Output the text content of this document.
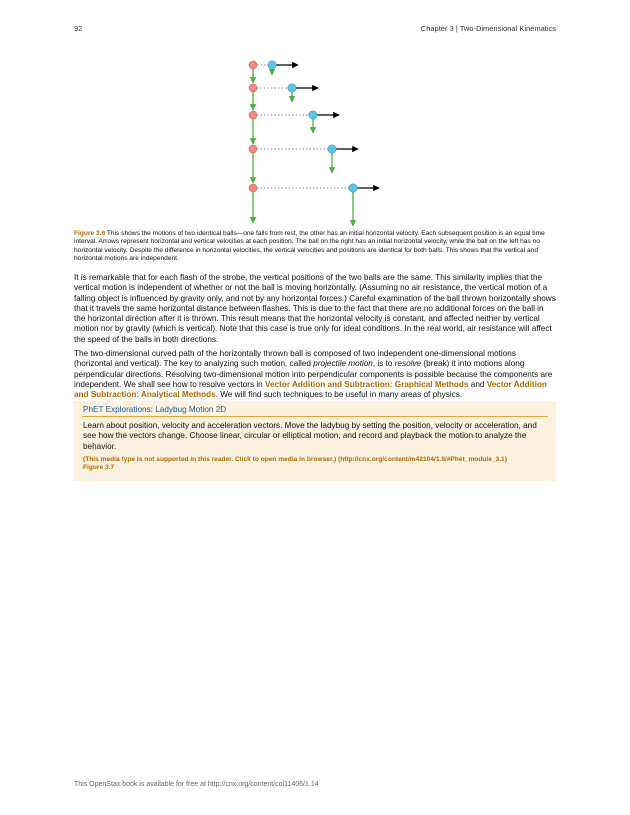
92	Chapter 3 | Two-Dimensional Kinematics
Figure 3.6 This shows the motions of two identical balls—one falls from rest, the other has an initial horizontal velocity. Each subsequent position is an equal time interval. Arrows represent horizontal and vertical velocities at each position. The ball on the right has an initial horizontal velocity, while the ball on the left has no horizontal velocity. Despite the difference in horizontal velocities, the vertical velocities and positions are identical for both balls. This shows that the vertical and horizontal motions are independent.

It is remarkable that for each flash of the strobe, the vertical positions of the two balls are the same. This similarity implies that the vertical motion is independent of whether or not the ball is moving horizontally. (Assuming no air resistance, the vertical motion of a falling object is influenced by gravity only, and not by any horizontal forces.) Careful examination of the ball thrown horizontally shows that it travels the same horizontal distance between flashes. This is due to the fact that there are no additional forces on the ball in the horizontal direction after it is thrown. This result means that the horizontal velocity is constant, and affected neither by vertical motion nor by gravity (which is vertical). Note that this case is true only for ideal conditions. In the real world, air resistance will affect the speed of the balls in both directions.

The two-dimensional curved path of the horizontally thrown ball is composed of two independent one-dimensional motions (horizontal and vertical). The key to analyzing such motion, called projectile motion, is to resolve (break) it into motions along perpendicular directions. Resolving two-dimensional motion into perpendicular components is possible because the components are independent. We shall see how to resolve vectors in Vector Addition and Subtraction: Graphical Methods and Vector Addition and Subtraction: Analytical Methods. We will find such techniques to be useful in many areas of physics.

PhET Explorations: Ladybug Motion 2D

Learn about position, velocity and acceleration vectors. Move the ladybug by setting the position, velocity or acceleration, and see how the vectors change. Choose linear, circular or elliptical motion, and record and playback the motion to analyze the behavior.

(This media type is not supported in this reader. Click to open media in browser.) (http://cnx.org/content/m42104/1.8/#Phet_module_3.1)
Figure 3.7
This OpenStax book is available for free at http://cnx.org/content/col11406/1.14
